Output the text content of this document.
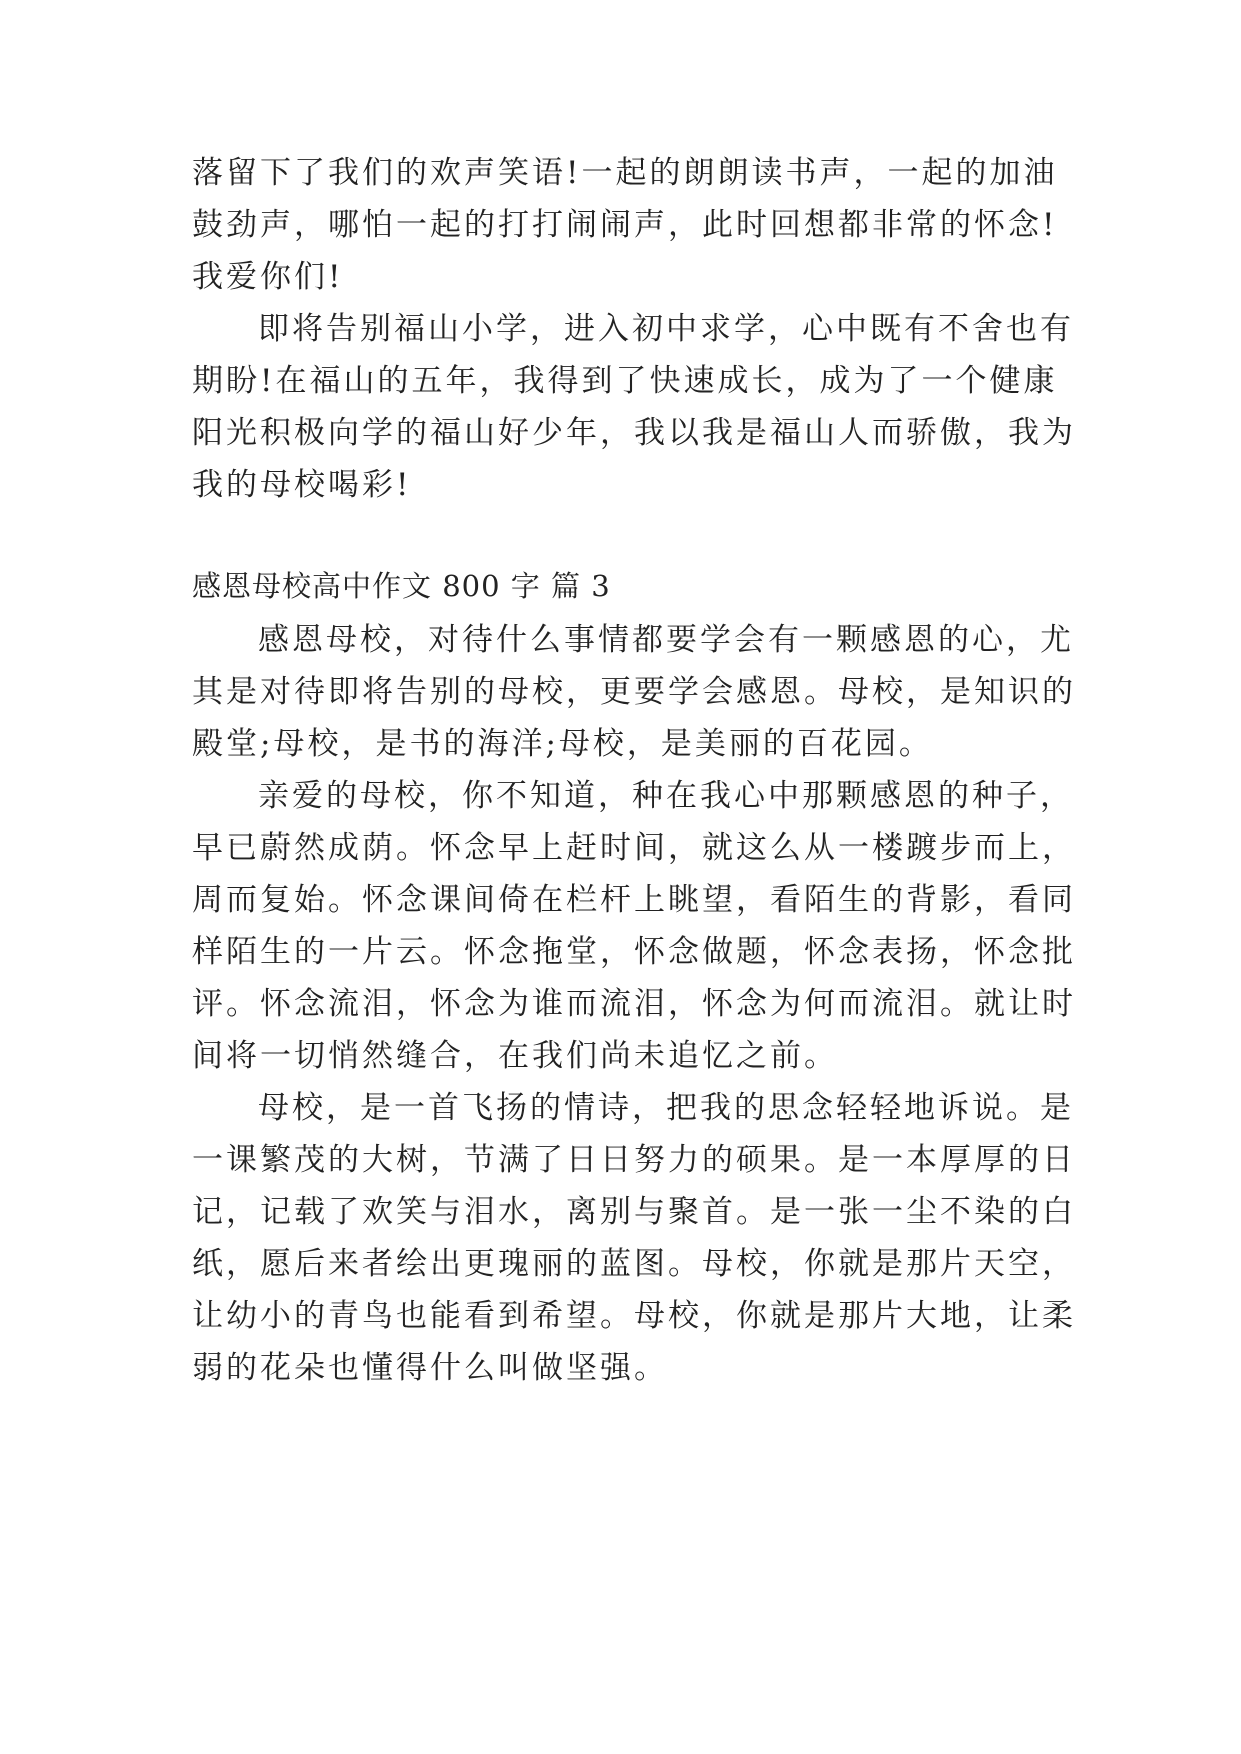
落留下了我们的欢声笑语!一起的朗朗读书声，一起的加油
鼓劲声，哪怕一起的打打闹闹声，此时回想都非常的怀念!
我爱你们!
即将告别福山小学，进入初中求学，心中既有不舍也有
期盼!在福山的五年，我得到了快速成长，成为了一个健康
阳光积极向学的福山好少年，我以我是福山人而骄傲，我为
我的母校喝彩!
感恩母校高中作文 800 字 篇 3
感恩母校，对待什么事情都要学会有一颗感恩的心，尤
其是对待即将告别的母校，更要学会感恩。母校，是知识的
殿堂;母校，是书的海洋;母校，是美丽的百花园。
亲爱的母校，你不知道，种在我心中那颗感恩的种子，
早已蔚然成荫。怀念早上赶时间，就这么从一楼踱步而上，
周而复始。怀念课间倚在栏杆上眺望，看陌生的背影，看同
样陌生的一片云。怀念拖堂，怀念做题，怀念表扬，怀念批
评。怀念流泪，怀念为谁而流泪，怀念为何而流泪。就让时
间将一切悄然缝合，在我们尚未追忆之前。
母校，是一首飞扬的情诗，把我的思念轻轻地诉说。是
一课繁茂的大树，节满了日日努力的硕果。是一本厚厚的日
记，记载了欢笑与泪水，离别与聚首。是一张一尘不染的白
纸，愿后来者绘出更瑰丽的蓝图。母校，你就是那片天空，
让幼小的青鸟也能看到希望。母校，你就是那片大地，让柔
弱的花朵也懂得什么叫做坚强。
